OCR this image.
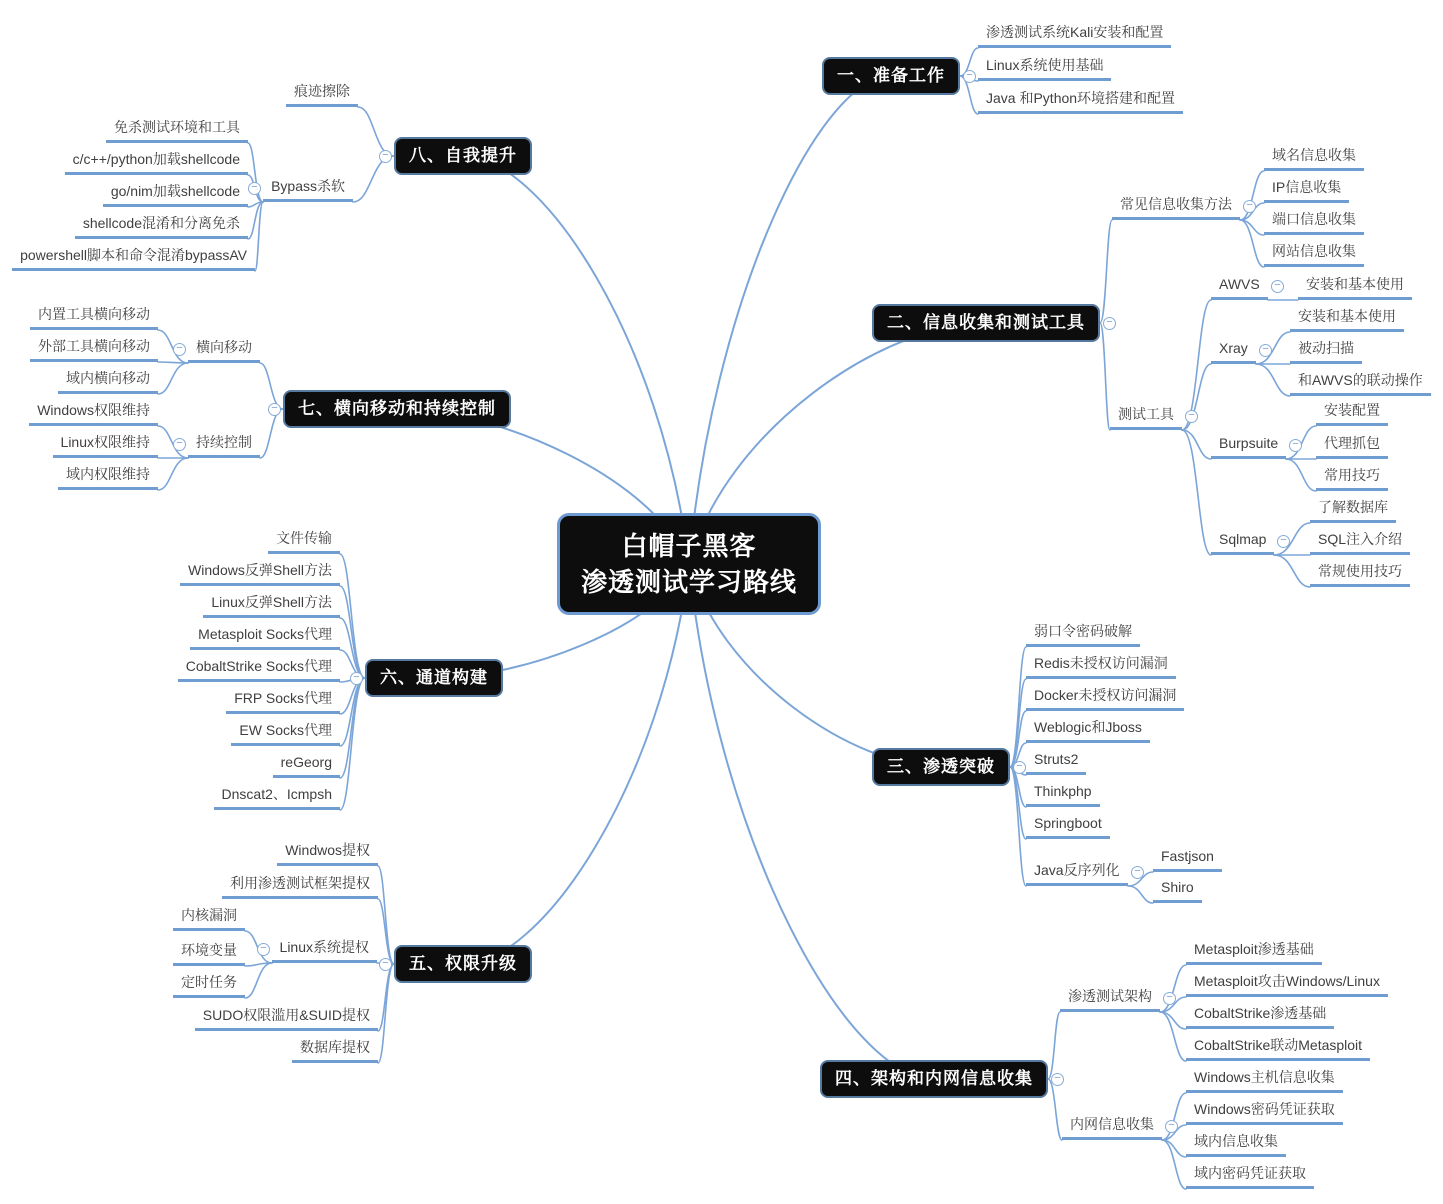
白帽子黑客
渗透测试学习路线
一、准备工作
渗透测试系统Kali安装和配置
Linux系统使用基础
Java 和Python环境搭建和配置
二、信息收集和测试工具
常见信息收集方法
域名信息收集
IP信息收集
端口信息收集
网站信息收集
测试工具
AWVS	安装和基本使用
Xray
安装和基本使用
被动扫描
和AWVS的联动操作
Burpsuite
安装配置
代理抓包
常用技巧
Sqlmap
了解数据库
SQL注入介绍
常规使用技巧
三、渗透突破
弱口令密码破解
Redis未授权访问漏洞
Docker未授权访问漏洞
Weblogic和Jboss
Struts2
Thinkphp
Springboot
Java反序列化
Fastjson
Shiro
四、架构和内网信息收集
渗透测试架构
Metasploit渗透基础
Metasploit攻击Windows/Linux
CobaltStrike渗透基础
CobaltStrike联动Metasploit
内网信息收集
Windows主机信息收集
Windows密码凭证获取
域内信息收集
域内密码凭证获取
五、权限升级
Windwos提权
利用渗透测试框架提权
Linux系统提权
内核漏洞
环境变量
定时任务
SUDO权限滥用&SUID提权
数据库提权
六、通道构建
文件传输
Windows反弹Shell方法
Linux反弹Shell方法
Metasploit Socks代理
CobaltStrike Socks代理
FRP Socks代理
EW Socks代理
reGeorg
Dnscat2、Icmpsh
七、横向移动和持续控制
横向移动
内置工具横向移动
外部工具横向移动
域内横向移动
持续控制
Windows权限维持
Linux权限维持
域内权限维持
八、自我提升
痕迹擦除
Bypass杀软
免杀测试环境和工具
c/c++/python加载shellcode
go/nim加载shellcode
shellcode混淆和分离免杀
powershell脚本和命令混淆bypassAV
−
−
−
−
−
−
−
−
−
−
−
−
−
−
−
−
−
−
−
−
−
